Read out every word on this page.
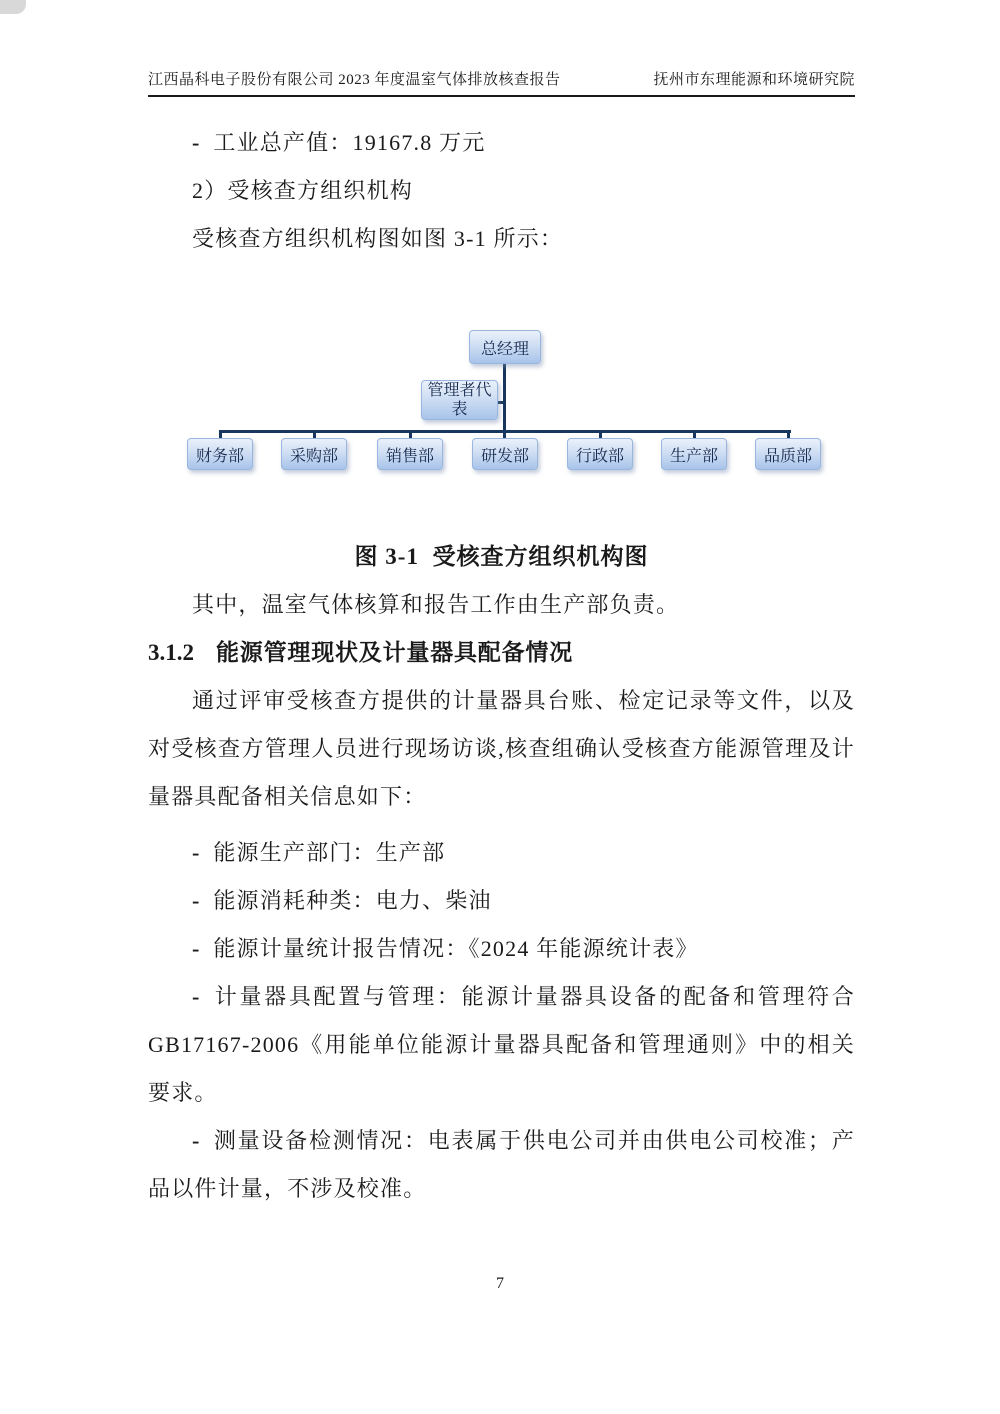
江西晶科电子股份有限公司 2023 年度温室气体排放核查报告	抚州市东理能源和环境研究院

- 工业总产值：19167.8 万元

2）受核查方组织机构

受核查方组织机构图如图 3-1 所示：

总经理
管理者代表
财务部	采购部	销售部	研发部	行政部	生产部	品质部

图 3-1  受核查方组织机构图

其中，温室气体核算和报告工作由生产部负责。

3.1.2 能源管理现状及计量器具配备情况

通过评审受核查方提供的计量器具台账、检定记录等文件，以及对受核查方管理人员进行现场访谈,核查组确认受核查方能源管理及计量器具配备相关信息如下：

- 能源生产部门：生产部

- 能源消耗种类：电力、柴油

- 能源计量统计报告情况：《2024 年能源统计表》

- 计量器具配置与管理：能源计量器具设备的配备和管理符合 GB17167-2006《用能单位能源计量器具配备和管理通则》中的相关要求。

- 测量设备检测情况：电表属于供电公司并由供电公司校准；产品以件计量，不涉及校准。

7
